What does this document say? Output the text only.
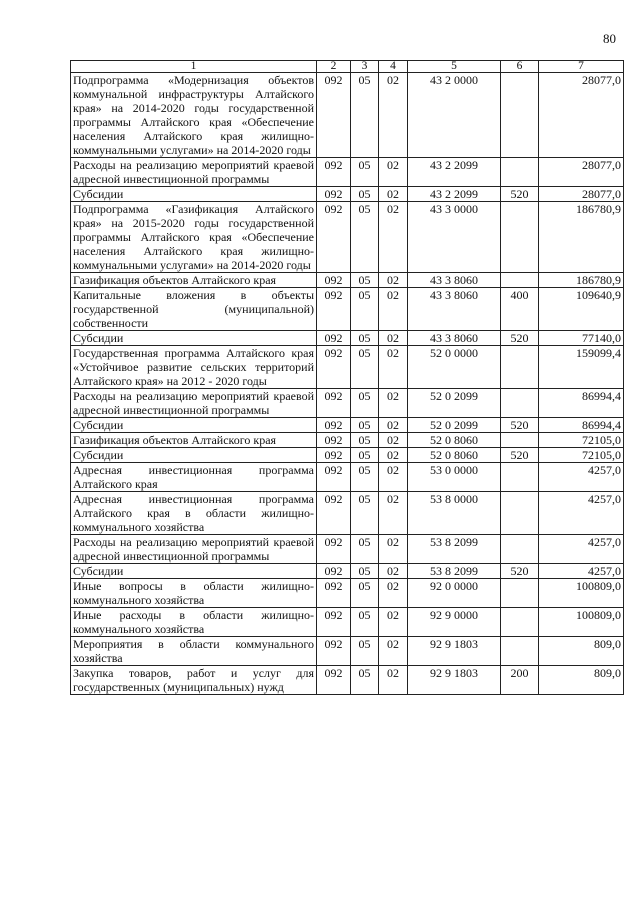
80
1	2	3	4	5	6	7
Подпрограмма «Модернизация объектов коммунальной инфраструктуры Алтайского края» на 2014-2020 годы государственной программы Алтайского края «Обеспечение населения Алтайского края жилищно-коммунальными услугами» на 2014-2020 годы	092	05	02	43 2 0000		28077,0
Расходы на реализацию мероприятий краевой адресной инвестиционной программы	092	05	02	43 2 2099		28077,0
Субсидии	092	05	02	43 2 2099	520	28077,0
Подпрограмма «Газификация Алтайского края» на 2015-2020 годы государственной программы Алтайского края «Обеспечение населения Алтайского края жилищно-коммунальными услугами» на 2014-2020 годы	092	05	02	43 3 0000		186780,9
Газификация объектов Алтайского края	092	05	02	43 3 8060		186780,9
Капитальные вложения в объекты государственной (муниципальной) собственности	092	05	02	43 3 8060	400	109640,9
Субсидии	092	05	02	43 3 8060	520	77140,0
Государственная программа Алтайского края «Устойчивое развитие сельских территорий Алтайского края» на 2012 - 2020 годы	092	05	02	52 0 0000		159099,4
Расходы на реализацию мероприятий краевой адресной инвестиционной программы	092	05	02	52 0 2099		86994,4
Субсидии	092	05	02	52 0 2099	520	86994,4
Газификация объектов Алтайского края	092	05	02	52 0 8060		72105,0
Субсидии	092	05	02	52 0 8060	520	72105,0
Адресная инвестиционная программа Алтайского края	092	05	02	53 0 0000		4257,0
Адресная инвестиционная программа Алтайского края в области жилищно-коммунального хозяйства	092	05	02	53 8 0000		4257,0
Расходы на реализацию мероприятий краевой адресной инвестиционной программы	092	05	02	53 8 2099		4257,0
Субсидии	092	05	02	53 8 2099	520	4257,0
Иные вопросы в области жилищно-коммунального хозяйства	092	05	02	92 0 0000		100809,0
Иные расходы в области жилищно-коммунального хозяйства	092	05	02	92 9 0000		100809,0
Мероприятия в области коммунального хозяйства	092	05	02	92 9 1803		809,0
Закупка товаров, работ и услуг для государственных (муниципальных) нужд	092	05	02	92 9 1803	200	809,0
